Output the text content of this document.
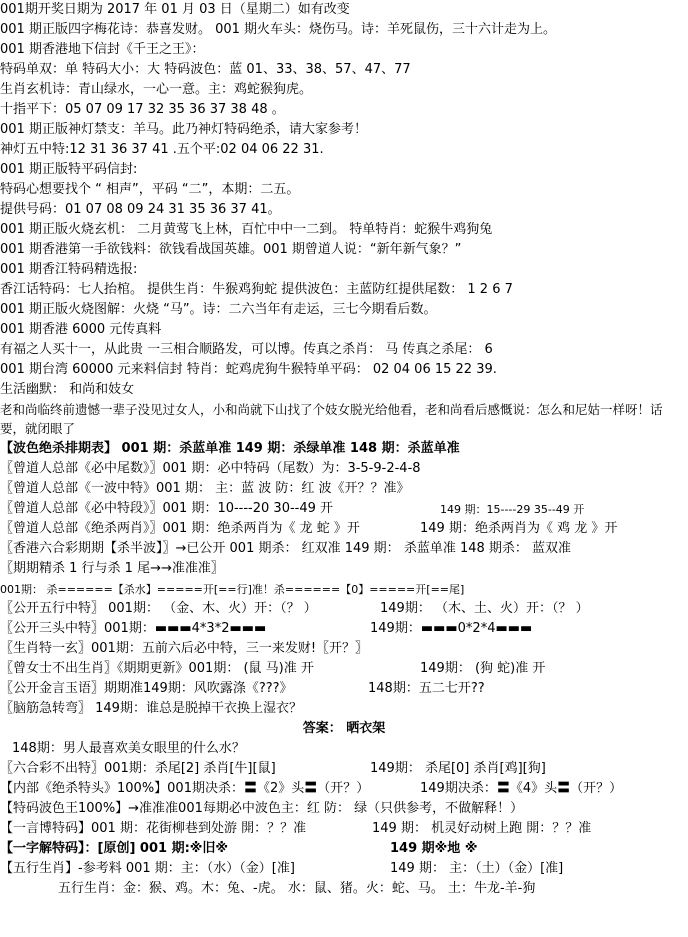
001期开奖日期为 2017 年 01 月 03 日（星期二）如有改变
001 期正版四字梅花诗：恭喜发财。 001 期火车头：烧伤马。诗：羊死鼠伤，三十六计走为上。
001 期香港地下信封《千王之王》：
特码单双：单 特码大小：大 特码波色：蓝 01、33、38、57、47、77
生肖玄机诗：青山绿水，一心一意。主：鸡蛇猴狗虎。
十指平下：05 07 09 17 32 35 36 37 38 48 。
001 期正版神灯禁支：羊马。此乃神灯特码绝杀，请大家参考！
神灯五中特:12 31 36 37 41 .五个平:02 04 06 22 31.
001 期正版特平码信封:
特码心想要找个 “ 相声”，平码 “二”，本期：二五。
提供号码：01 07 08 09 24 31 35 36 37 41。
001 期正版火烧玄机： 二月黄莺飞上林，百忙中中一二到。 特单特肖：蛇猴牛鸡狗兔
001 期香港第一手欲钱料：欲钱看战国英雄。001 期曾道人说：“新年新气象？”
001 期香江特码精选报:
香江话特码：七人抬棺。 提供生肖：牛猴鸡狗蛇 提供波色：主蓝防红提供尾数： 1 2 6 7
001 期正版火烧图解：火烧 “马”。诗：二六当年有走运，三七今期看后数。
001 期香港 6000 元传真料
有福之人买十一，从此贵 一三相合顺路发，可以博。传真之杀肖： 马 传真之杀尾： 6
001 期台湾 60000 元来料信封 特肖：蛇鸡虎狗牛猴特单平码： 02 04 06 15 22 39.
生活幽默： 和尚和妓女
老和尚临终前遗憾一辈子没见过女人，小和尚就下山找了个妓女脱光给他看，老和尚看后感慨说：怎么和尼姑一样呀！话要，就闭眼了
【波色绝杀排期表】 001 期：杀蓝单准 149 期：杀绿单准 148 期：杀蓝单准
〖曾道人总部《必中尾数》〗001 期：必中特码（尾数）为：3-5-9-2-4-8
〖曾道人总部《一波中特》001 期： 主：蓝 波 防：红 波《开？？准》
〖曾道人总部《必中特段》〗001 期：10----20 30--49 开	149 期：15----29 35--49 开
〖曾道人总部《绝杀两肖》〗001 期：绝杀两肖为《 龙 蛇 》开	149 期：绝杀两肖为《 鸡 龙 》开
〖香港六合彩期期【杀半波】〗→已公开 001 期杀： 红双准 149 期： 杀蓝单准 148 期杀： 蓝双准
〖期期精杀 1 行与杀 1 尾→→准准准〗
001期： 杀======【杀水】=====开[==行]准！杀======【0】=====开[==尾]
〖公开五行中特〗 001期： （金、木、火）开：（？ ）	149期： （木、土、火）开：（？ ）
〖公开三头中特〗001期：▬▬▬4*3*2▬▬▬	149期：▬▬▬0*2*4▬▬▬
〖生肖特一玄〗001期：五前六后必中特，三一来发财!〖开？〗
〖曾女士不出生肖〗《期期更新》001期： (鼠 马)准 开	149期： (狗 蛇)准 开
〖公开金言玉语〗期期准149期：风吹露涤《???》	148期：五二七开??
〖脑筋急转弯〗 149期：谁总是脱掉干衣换上湿衣？
答案： 晒衣架
148期：男人最喜欢美女眼里的什么水？
〖六合彩不出特〗001期：杀尾[2] 杀肖[牛][鼠]	149期： 杀尾[0] 杀肖[鸡][狗]
【内部《绝杀特头》100%】001期决杀：〓《2》头〓（开？）	149期决杀：〓《4》头〓（开？）
【特码波色王100%】→准准准001每期必中波色主：红 防： 绿（只供参考，不做解释！）
【一言博特码】001 期：花街柳巷到处游 開：？？准	149 期： 机灵好动树上跑 開：？？准
【一字解特码】：[原创] 001 期:※旧※	149 期※地 ※
【五行生肖】-参考料 001 期：主：（水）（金）[准]	149 期： 主：（土）（金）[准]
五行生肖：金：猴、鸡。木：兔、-虎。 水：鼠、猪。火：蛇、马。 土：牛龙-羊-狗
